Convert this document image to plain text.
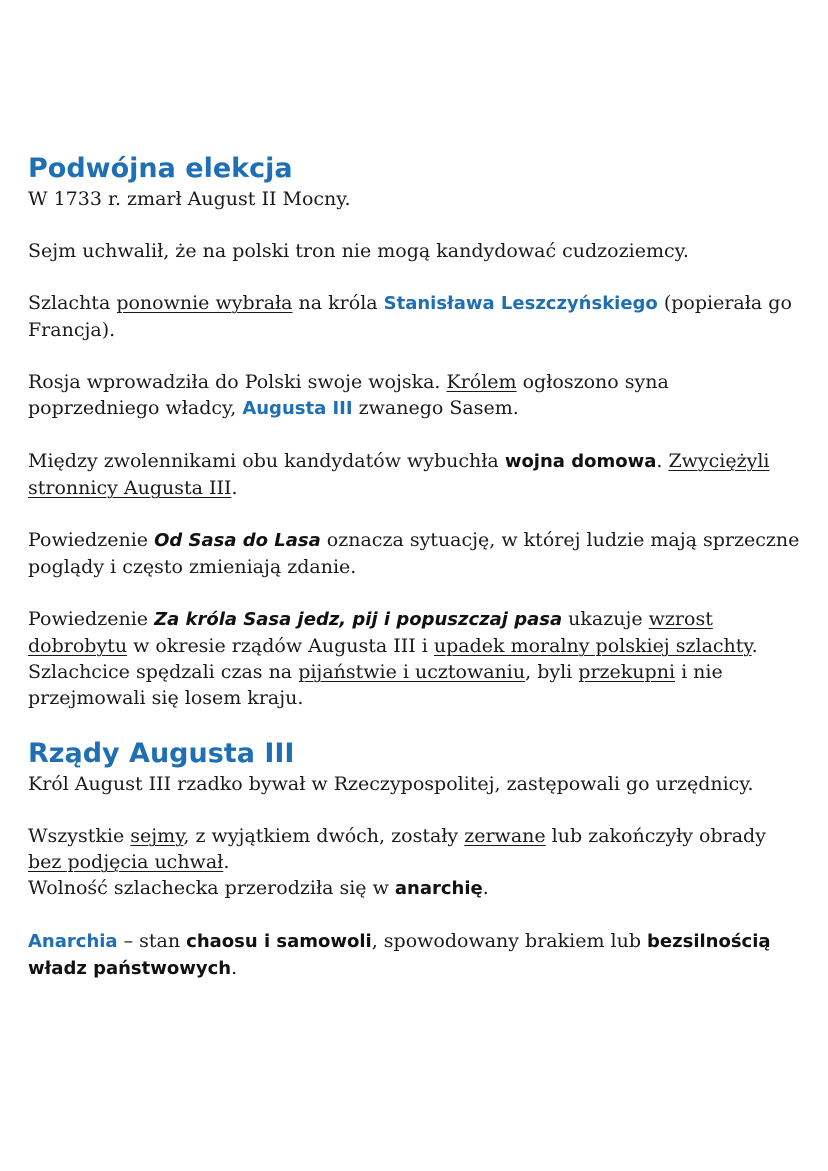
Podwójna elekcja

W 1733 r. zmarł August II Mocny.

Sejm uchwalił, że na polski tron nie mogą kandydować cudzoziemcy.

Szlachta ponownie wybrała na króla Stanisława Leszczyńskiego (popierała go Francja).

Rosja wprowadziła do Polski swoje wojska. Królem ogłoszono syna poprzedniego władcy, Augusta III zwanego Sasem.

Między zwolennikami obu kandydatów wybuchła wojna domowa. Zwyciężyli stronnicy Augusta III.

Powiedzenie Od Sasa do Lasa oznacza sytuację, w której ludzie mają sprzeczne poglądy i często zmieniają zdanie.

Powiedzenie Za króla Sasa jedz, pij i popuszczaj pasa ukazuje wzrost dobrobytu w okresie rządów Augusta III i upadek moralny polskiej szlachty. Szlachcice spędzali czas na pijaństwie i ucztowaniu, byli przekupni i nie przejmowali się losem kraju.

Rządy Augusta III

Król August III rzadko bywał w Rzeczypospolitej, zastępowali go urzędnicy.

Wszystkie sejmy, z wyjątkiem dwóch, zostały zerwane lub zakończyły obrady bez podjęcia uchwał.

Wolność szlachecka przerodziła się w anarchię.

Anarchia – stan chaosu i samowoli, spowodowany brakiem lub bezsilnością władz państwowych.
